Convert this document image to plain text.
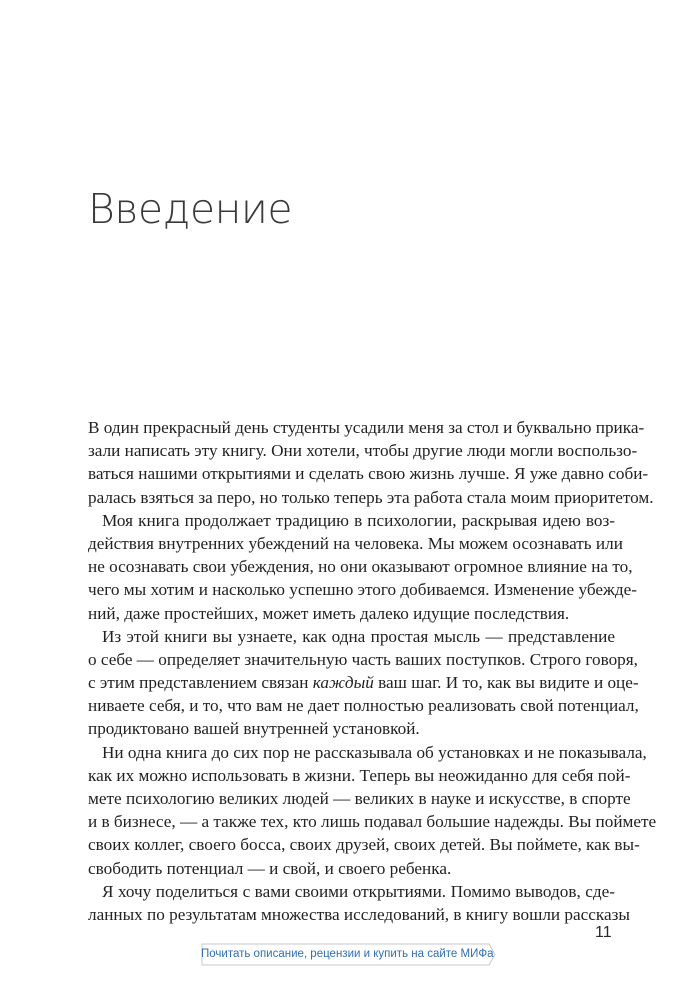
Введение
В один прекрасный день студенты усадили меня за стол и буквально прика-
зали написать эту книгу. Они хотели, чтобы другие люди могли воспользо-
ваться нашими открытиями и сделать свою жизнь лучше. Я уже давно соби-
ралась взяться за перо, но только теперь эта работа стала моим приоритетом.
Моя книга продолжает традицию в психологии, раскрывая идею воз-
действия внутренних убеждений на человека. Мы можем осознавать или
не осознавать свои убеждения, но они оказывают огромное влияние на то,
чего мы хотим и насколько успешно этого добиваемся. Изменение убежде-
ний, даже простейших, может иметь далеко идущие последствия.
Из этой книги вы узнаете, как одна простая мысль — представление
о себе — определяет значительную часть ваших поступков. Строго говоря,
с этим представлением связан каждый ваш шаг. И то, как вы видите и оце-
ниваете себя, и то, что вам не дает полностью реализовать свой потенциал,
продиктовано вашей внутренней установкой.
Ни одна книга до сих пор не рассказывала об установках и не показывала,
как их можно использовать в жизни. Теперь вы неожиданно для себя пой-
мете психологию великих людей — великих в науке и искусстве, в спорте
и в бизнесе, — а также тех, кто лишь подавал большие надежды. Вы поймете
своих коллег, своего босса, своих друзей, своих детей. Вы поймете, как вы-
свободить потенциал — и свой, и своего ребенка.
Я хочу поделиться с вами своими открытиями. Помимо выводов, сде-
ланных по результатам множества исследований, в книгу вошли рассказы
11
Почитать описание, рецензии и купить на сайте МИФа
